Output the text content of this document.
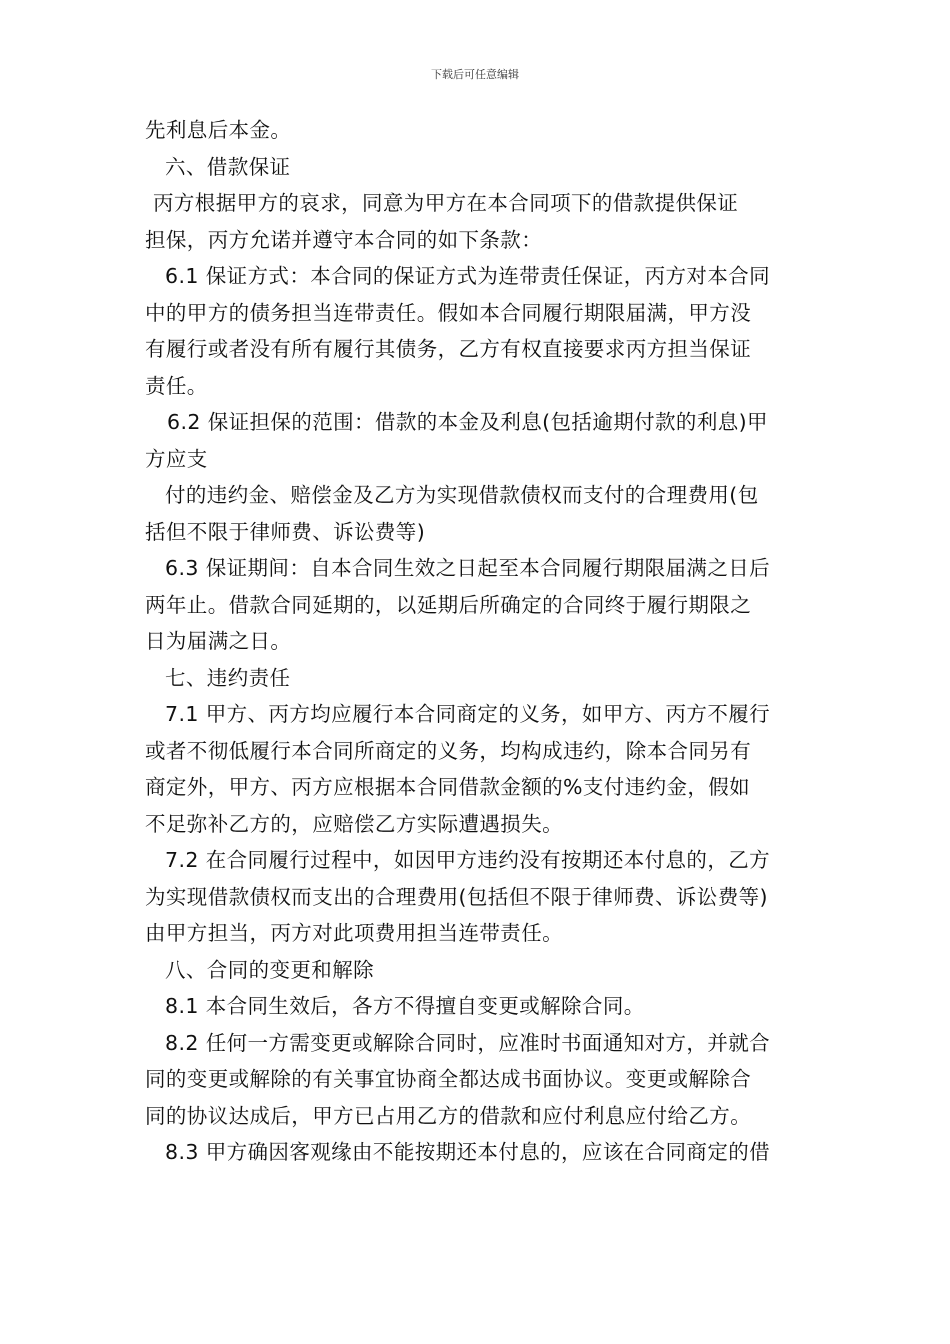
下载后可任意编辑
先利息后本金。
六、借款保证
丙方根据甲方的哀求，同意为甲方在本合同项下的借款提供保证
担保，丙方允诺并遵守本合同的如下条款：
6.1 保证方式：本合同的保证方式为连带责任保证，丙方对本合同
中的甲方的债务担当连带责任。假如本合同履行期限届满，甲方没
有履行或者没有所有履行其债务，乙方有权直接要求丙方担当保证
责任。
6.2 保证担保的范围：借款的本金及利息(包括逾期付款的利息)甲
方应支
付的违约金、赔偿金及乙方为实现借款债权而支付的合理费用(包
括但不限于律师费、诉讼费等)
6.3 保证期间：自本合同生效之日起至本合同履行期限届满之日后
两年止。借款合同延期的，以延期后所确定的合同终于履行期限之
日为届满之日。
七、违约责任
7.1 甲方、丙方均应履行本合同商定的义务，如甲方、丙方不履行
或者不彻低履行本合同所商定的义务，均构成违约，除本合同另有
商定外，甲方、丙方应根据本合同借款金额的%支付违约金，假如
不足弥补乙方的，应赔偿乙方实际遭遇损失。
7.2 在合同履行过程中，如因甲方违约没有按期还本付息的，乙方
为实现借款债权而支出的合理费用(包括但不限于律师费、诉讼费等)
由甲方担当，丙方对此项费用担当连带责任。
八、合同的变更和解除
8.1 本合同生效后，各方不得擅自变更或解除合同。
8.2 任何一方需变更或解除合同时，应准时书面通知对方，并就合
同的变更或解除的有关事宜协商全都达成书面协议。变更或解除合
同的协议达成后，甲方已占用乙方的借款和应付利息应付给乙方。
8.3 甲方确因客观缘由不能按期还本付息的，应该在合同商定的借
